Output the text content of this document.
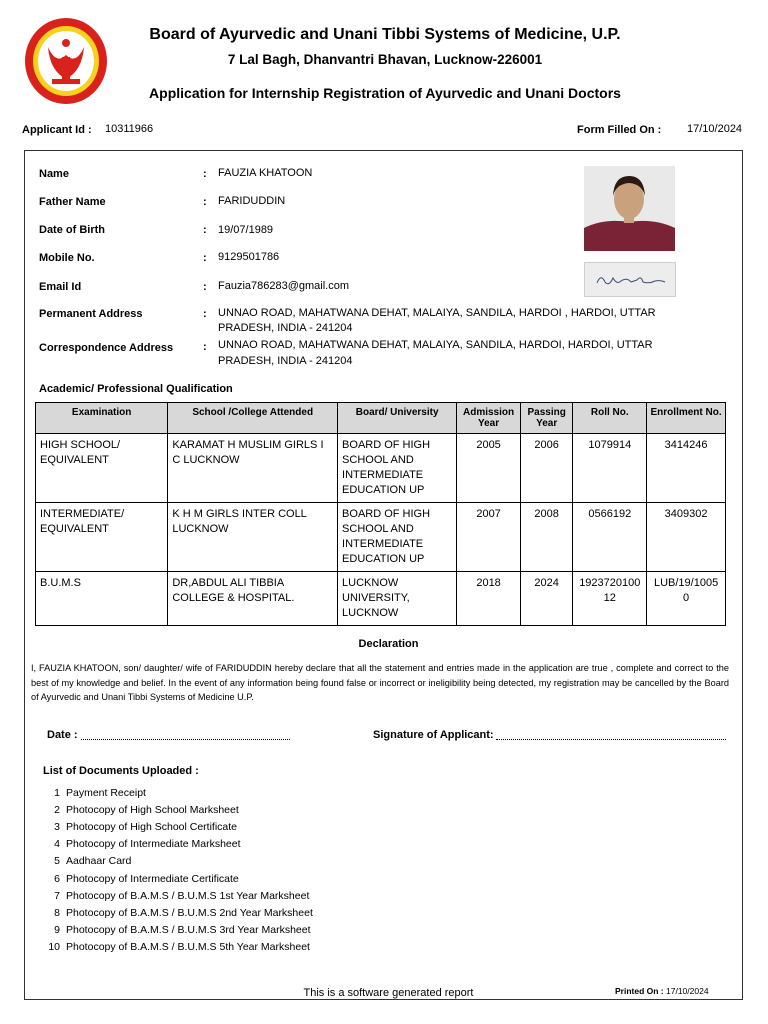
Board of Ayurvedic and Unani Tibbi Systems of Medicine, U.P.
7 Lal Bagh, Dhanvantri Bhavan, Lucknow-226001
Application for Internship Registration of Ayurvedic and Unani Doctors
Applicant Id : 10311966	Form Filled On : 17/10/2024
Name	: FAUZIA KHATOON
Father Name	: FARIDUDDIN
Date of Birth	: 19/07/1989
Mobile No.	: 9129501786
Email Id	: Fauzia786283@gmail.com
Permanent Address	: UNNAO ROAD, MAHATWANA DEHAT, MALAIYA, SANDILA, HARDOI , HARDOI, UTTAR
PRADESH, INDIA - 241204
Correspondence Address	: UNNAO ROAD, MAHATWANA DEHAT, MALAIYA, SANDILA, HARDOI, HARDOI, UTTAR
PRADESH, INDIA - 241204
Academic/ Professional Qualification
Examination	School /College Attended	Board/ University	Admission Year	Passing Year	Roll No.	Enrollment No.
HIGH SCHOOL/ EQUIVALENT	KARAMAT H MUSLIM GIRLS I C LUCKNOW	BOARD OF HIGH SCHOOL AND INTERMEDIATE EDUCATION UP	2005	2006	1079914	3414246
INTERMEDIATE/ EQUIVALENT	K H M GIRLS INTER COLL LUCKNOW	BOARD OF HIGH SCHOOL AND INTERMEDIATE EDUCATION UP	2007	2008	0566192	3409302
B.U.M.S	DR,ABDUL ALI TIBBIA COLLEGE & HOSPITAL.	LUCKNOW UNIVERSITY, LUCKNOW	2018	2024	192372010012	LUB/19/10050
Declaration
I, FAUZIA KHATOON, son/ daughter/ wife of FARIDUDDIN hereby declare that all the statement and entries made in the application are true , complete and correct to the best of my knowledge and belief. In the event of any information being found false or incorrect or ineligibility being detected, my registration may be cancelled by the Board of Ayurvedic and Unani Tibbi Systems of Medicine U.P.
Date :	Signature of Applicant:
List of Documents Uploaded :
1 Payment Receipt
2 Photocopy of High School Marksheet
3 Photocopy of High School Certificate
4 Photocopy of Intermediate Marksheet
5 Aadhaar Card
6 Photocopy of Intermediate Certificate
7 Photocopy of B.A.M.S / B.U.M.S 1st Year Marksheet
8 Photocopy of B.A.M.S / B.U.M.S 2nd Year Marksheet
9 Photocopy of B.A.M.S / B.U.M.S 3rd Year Marksheet
10 Photocopy of B.A.M.S / B.U.M.S 5th Year Marksheet
This is a software generated report	Printed On : 17/10/2024
